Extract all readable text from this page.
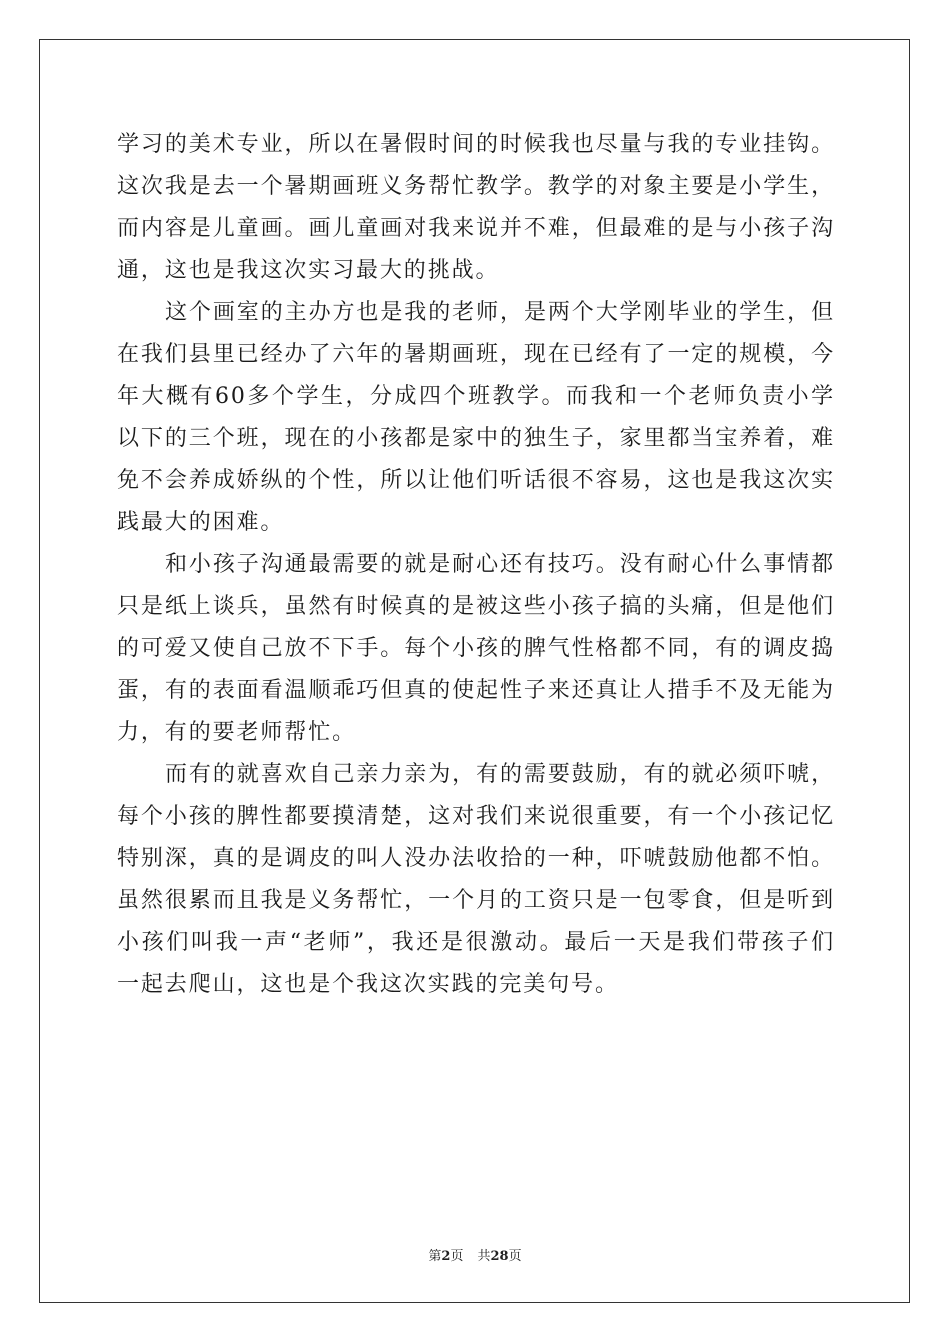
学习的美术专业，所以在暑假时间的时候我也尽量与我的专业挂钩。这次我是去一个暑期画班义务帮忙教学。教学的对象主要是小学生，而内容是儿童画。画儿童画对我来说并不难，但最难的是与小孩子沟通，这也是我这次实习最大的挑战。

这个画室的主办方也是我的老师，是两个大学刚毕业的学生，但在我们县里已经办了六年的暑期画班，现在已经有了一定的规模，今年大概有60多个学生，分成四个班教学。而我和一个老师负责小学以下的三个班，现在的小孩都是家中的独生子，家里都当宝养着，难免不会养成娇纵的个性，所以让他们听话很不容易，这也是我这次实践最大的困难。

和小孩子沟通最需要的就是耐心还有技巧。没有耐心什么事情都只是纸上谈兵，虽然有时候真的是被这些小孩子搞的头痛，但是他们的可爱又使自己放不下手。每个小孩的脾气性格都不同，有的调皮捣蛋，有的表面看温顺乖巧但真的使起性子来还真让人措手不及无能为力，有的要老师帮忙。

而有的就喜欢自己亲力亲为，有的需要鼓励，有的就必须吓唬，每个小孩的脾性都要摸清楚，这对我们来说很重要，有一个小孩记忆特别深，真的是调皮的叫人没办法收拾的一种，吓唬鼓励他都不怕。虽然很累而且我是义务帮忙，一个月的工资只是一包零食，但是听到小孩们叫我一声“老师”，我还是很激动。最后一天是我们带孩子们一起去爬山，这也是个我这次实践的完美句号。

第2页 共28页
